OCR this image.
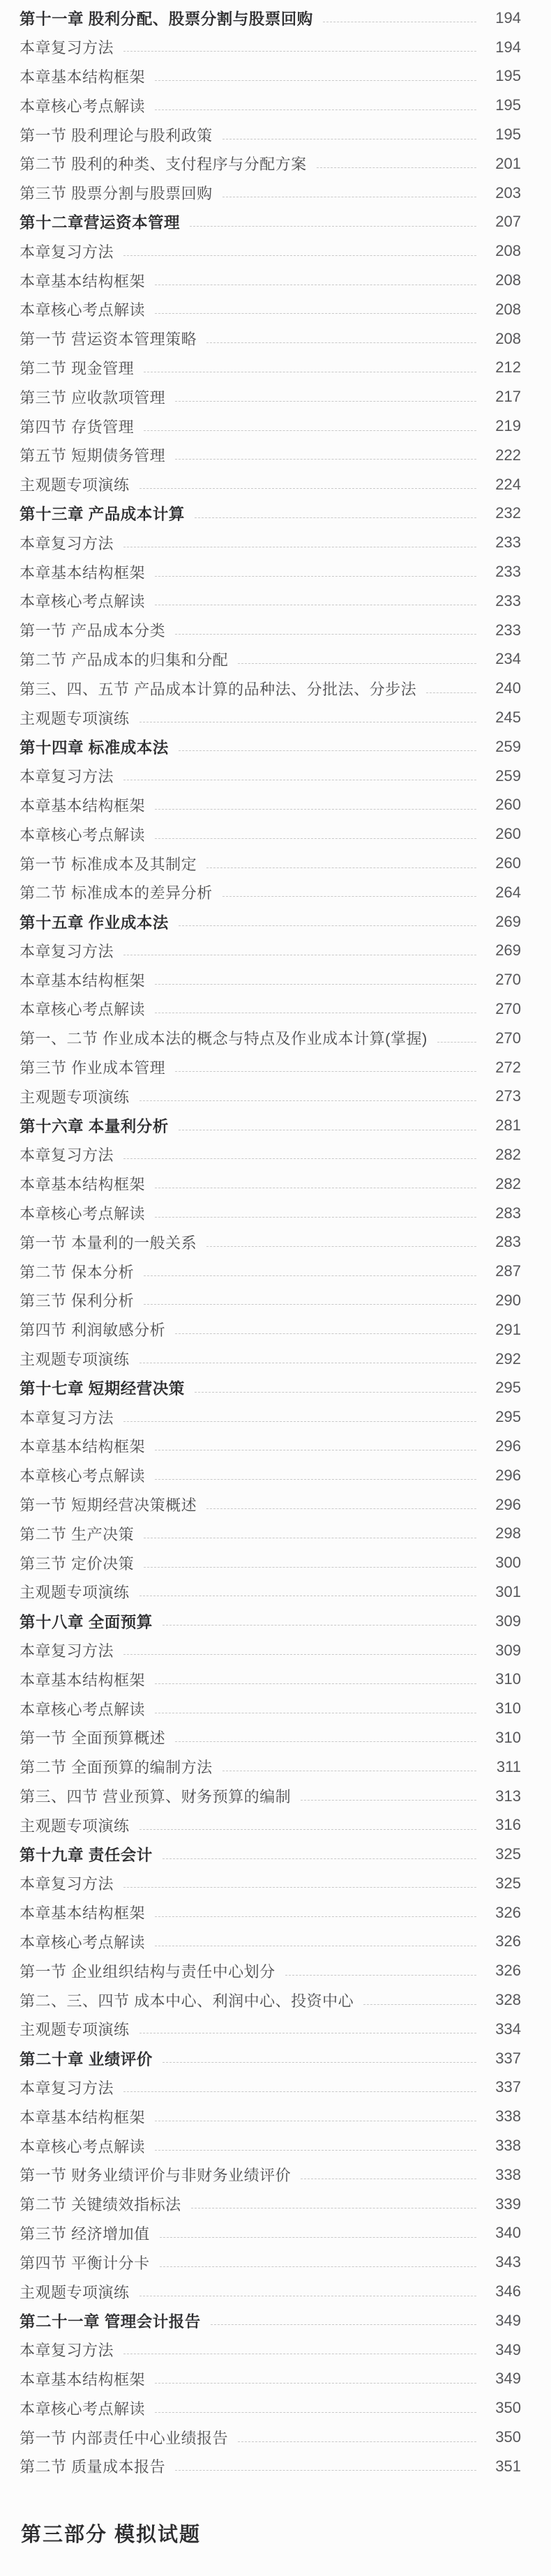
第十一章 股利分配、股票分割与股票回购	194
本章复习方法	194
本章基本结构框架	195
本章核心考点解读	195
第一节 股利理论与股利政策	195
第二节 股利的种类、支付程序与分配方案	201
第三节 股票分割与股票回购	203
第十二章营运资本管理	207
本章复习方法	208
本章基本结构框架	208
本章核心考点解读	208
第一节 营运资本管理策略	208
第二节 现金管理	212
第三节 应收款项管理	217
第四节 存货管理	219
第五节 短期债务管理	222
主观题专项演练	224
第十三章 产品成本计算	232
本章复习方法	233
本章基本结构框架	233
本章核心考点解读	233
第一节 产品成本分类	233
第二节 产品成本的归集和分配	234
第三、四、五节 产品成本计算的品种法、分批法、分步法	240
主观题专项演练	245
第十四章 标准成本法	259
本章复习方法	259
本章基本结构框架	260
本章核心考点解读	260
第一节 标准成本及其制定	260
第二节 标准成本的差异分析	264
第十五章 作业成本法	269
本章复习方法	269
本章基本结构框架	270
本章核心考点解读	270
第一、二节 作业成本法的概念与特点及作业成本计算(掌握)	270
第三节 作业成本管理	272
主观题专项演练	273
第十六章 本量利分析	281
本章复习方法	282
本章基本结构框架	282
本章核心考点解读	283
第一节 本量利的一般关系	283
第二节 保本分析	287
第三节 保利分析	290
第四节 利润敏感分析	291
主观题专项演练	292
第十七章 短期经营决策	295
本章复习方法	295
本章基本结构框架	296
本章核心考点解读	296
第一节 短期经营决策概述	296
第二节 生产决策	298
第三节 定价决策	300
主观题专项演练	301
第十八章 全面预算	309
本章复习方法	309
本章基本结构框架	310
本章核心考点解读	310
第一节 全面预算概述	310
第二节 全面预算的编制方法	311
第三、四节 营业预算、财务预算的编制	313
主观题专项演练	316
第十九章 责任会计	325
本章复习方法	325
本章基本结构框架	326
本章核心考点解读	326
第一节 企业组织结构与责任中心划分	326
第二、三、四节 成本中心、利润中心、投资中心	328
主观题专项演练	334
第二十章 业绩评价	337
本章复习方法	337
本章基本结构框架	338
本章核心考点解读	338
第一节 财务业绩评价与非财务业绩评价	338
第二节 关键绩效指标法	339
第三节 经济增加值	340
第四节 平衡计分卡	343
主观题专项演练	346
第二十一章 管理会计报告	349
本章复习方法	349
本章基本结构框架	349
本章核心考点解读	350
第一节 内部责任中心业绩报告	350
第二节 质量成本报告	351
第三部分 模拟试题
